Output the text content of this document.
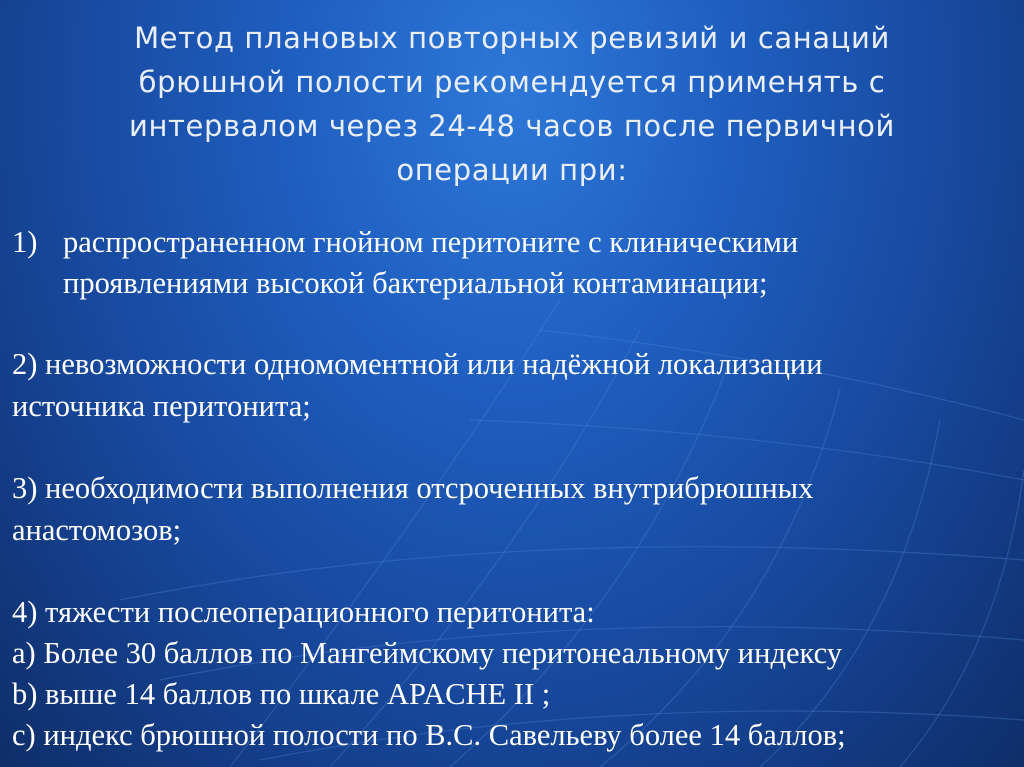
Метод плановых повторных ревизий и санаций
брюшной полости рекомендуется применять с
интервалом через 24-48 часов после первичной
операции при:
1) распространенном гнойном перитоните с клиническими
проявлениями высокой бактериальной контаминации;
2) невозможности одномоментной или надёжной локализации
источника перитонита;
3) необходимости выполнения отсроченных внутрибрюшных
анастомозов;
4) тяжести послеоперационного перитонита:
a) Более 30 баллов по Мангеймскому перитонеальному индексу
b) выше 14 баллов по шкале APACHE II ;
c) индекс брюшной полости по В.С. Савельеву более 14 баллов;
